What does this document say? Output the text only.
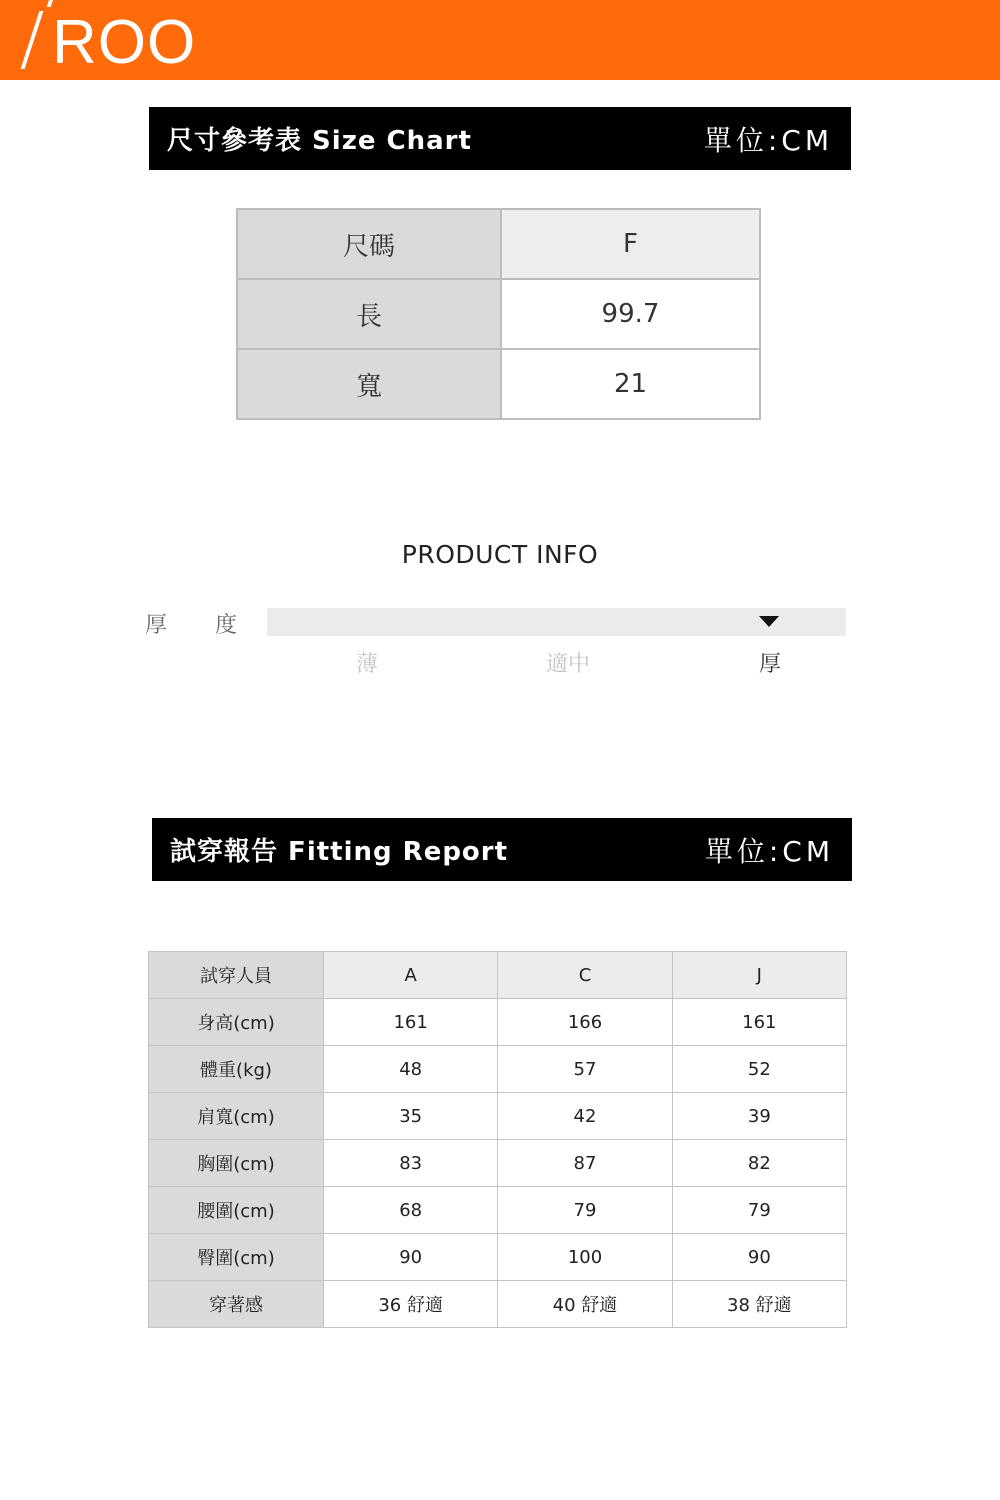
ROO
尺寸參考表 Size Chart	單位:CM
尺碼	F
長	99.7
寬	21
PRODUCT INFO
厚 度
薄	適中	厚
試穿報告 Fitting Report	單位:CM
試穿人員	A	C	J
身高(cm)	161	166	161
體重(kg)	48	57	52
肩寬(cm)	35	42	39
胸圍(cm)	83	87	82
腰圍(cm)	68	79	79
臀圍(cm)	90	100	90
穿著感	36 舒適	40 舒適	38 舒適
